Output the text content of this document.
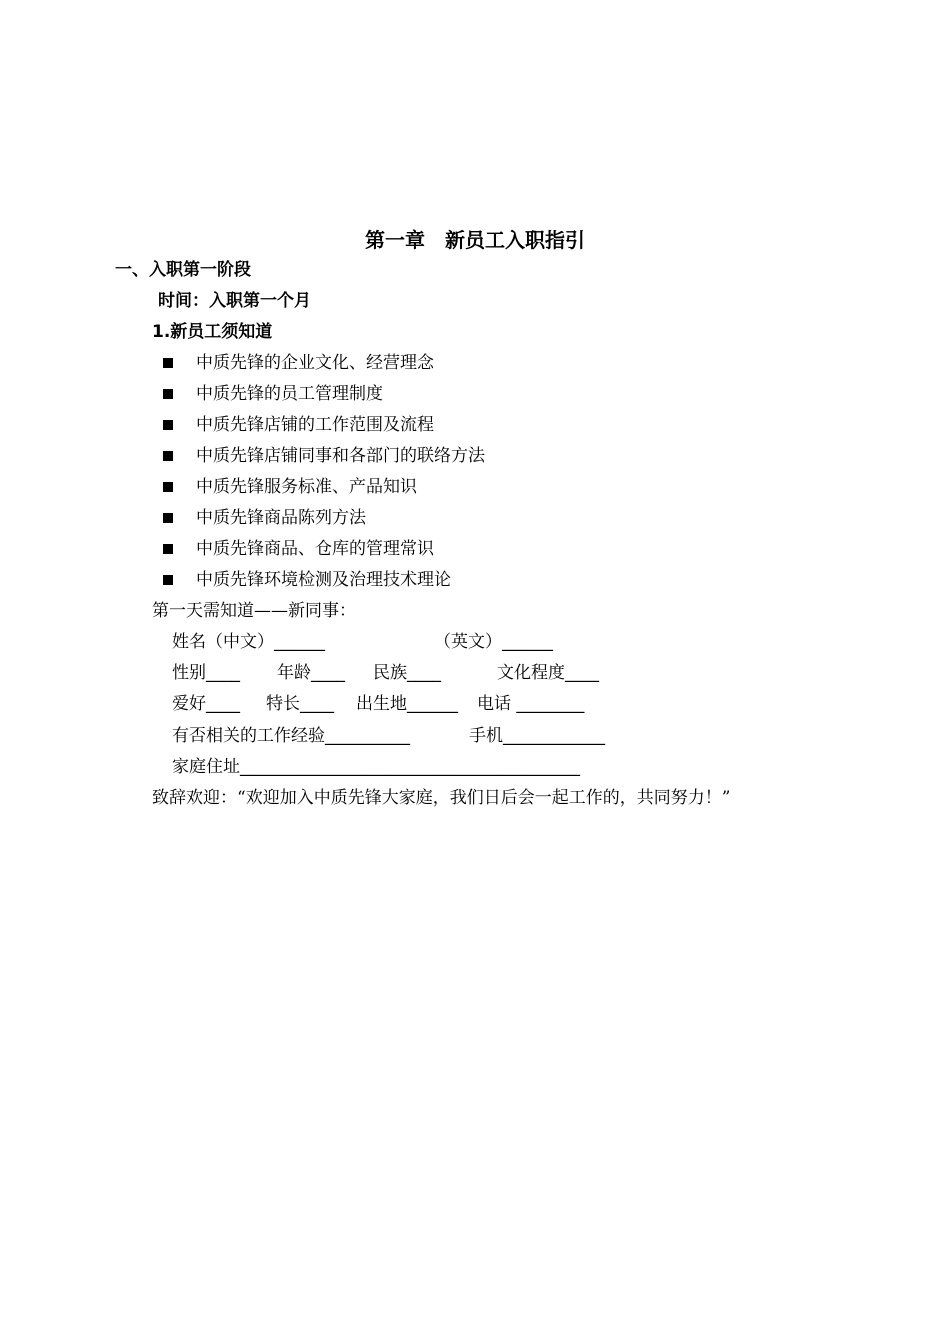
第一章　新员工入职指引
一、入职第一阶段
时间：入职第一个月
1.新员工须知道

中质先锋的企业文化、经营理念

中质先锋的员工管理制度

中质先锋店铺的工作范围及流程

中质先锋店铺同事和各部门的联络方法

中质先锋服务标准、产品知识

中质先锋商品陈列方法

中质先锋商品、仓库的管理常识

中质先锋环境检测及治理技术理论

第一天需知道——新同事：
姓名（中文）______	（英文）______
性别____ 年龄____ 民族____	文化程度____
爱好____ 特长____ 出生地______ 电话 ________
有否相关的工作经验__________	手机____________
家庭住址________________________________________
致辞欢迎：“欢迎加入中质先锋大家庭，我们日后会一起工作的，共同努力！”
